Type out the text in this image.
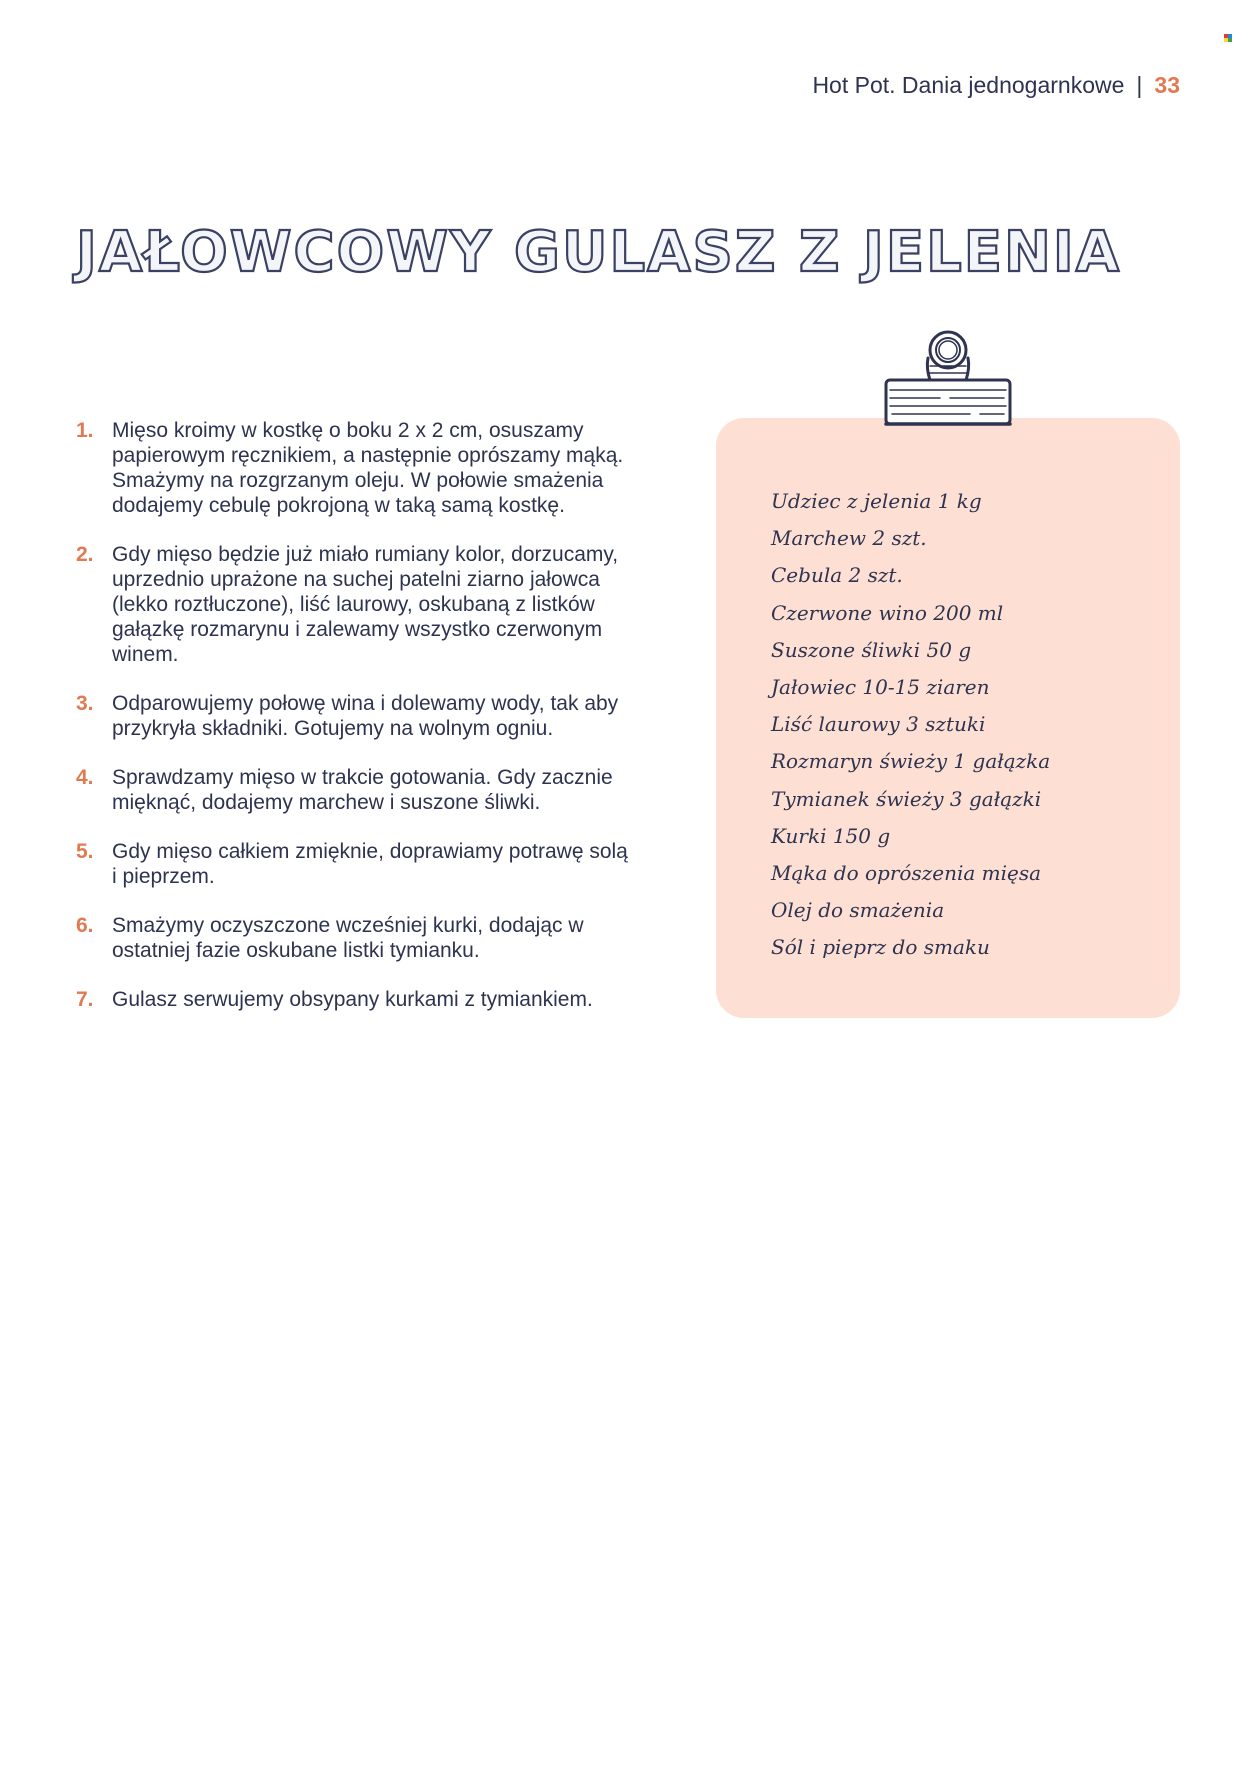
Hot Pot. Dania jednogarnkowe | 33
JAŁOWCOWY GULASZ Z JELENIA
1. Mięso kroimy w kostkę o boku 2 x 2 cm, osuszamy papierowym ręcznikiem, a następnie oprószamy mąką. Smażymy na rozgrzanym oleju. W połowie smażenia dodajemy cebulę pokrojoną w taką samą kostkę.
2. Gdy mięso będzie już miało rumiany kolor, dorzucamy, uprzednio uprażone na suchej patelni ziarno jałowca (lekko roztłuczone), liść laurowy, oskubaną z listków gałązkę rozmarynu i zalewamy wszystko czerwonym winem.
3. Odparowujemy połowę wina i dolewamy wody, tak aby przykryła składniki. Gotujemy na wolnym ogniu.
4. Sprawdzamy mięso w trakcie gotowania. Gdy zacznie mięknąć, dodajemy marchew i suszone śliwki.
5. Gdy mięso całkiem zmięknie, doprawiamy potrawę solą i pieprzem.
6. Smażymy oczyszczone wcześniej kurki, dodając w ostatniej fazie oskubane listki tymianku.
7. Gulasz serwujemy obsypany kurkami z tymiankiem.
Udziec z jelenia 1 kg
Marchew 2 szt.
Cebula 2 szt.
Czerwone wino 200 ml
Suszone śliwki 50 g
Jałowiec 10-15 ziaren
Liść laurowy 3 sztuki
Rozmaryn świeży 1 gałązka
Tymianek świeży 3 gałązki
Kurki 150 g
Mąka do oprószenia mięsa
Olej do smażenia
Sól i pieprz do smaku
